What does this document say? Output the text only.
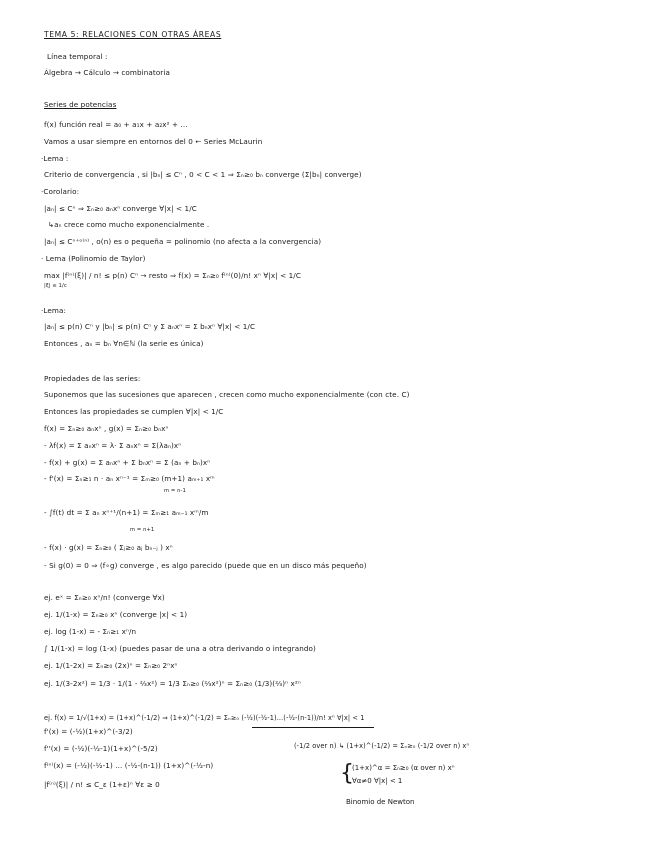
TEMA 5: RELACIONES CON OTRAS ÁREAS
Línea temporal :
Álgebra ⇝ Cálculo ⇝ combinatoria
Series de potencias
f(x) función real = a₀ + a₁x + a₂x² + ...
Vamos a usar siempre en entornos del 0 ← Series McLaurin
·Lema :
Criterio de convergencia , si |bₙ| ≤ Cⁿ , 0 < C < 1 ⇒ Σₙ≥₀ bₙ converge (Σ|bₙ| converge)
·Corolario:
|aₙ| ≤ Cⁿ ⇒ Σₙ≥₀ aₙxⁿ converge ∀|x| < 1/C
↳aₙ crece como mucho exponencialmente .
|aₙ| ≤ Cⁿ⁺ᵒ⁽ⁿ⁾ , o(n) es o pequeña = polinomio (no afecta a la convergencia)
· Lema (Polinomio de Taylor)
max |f⁽ⁿ⁾(ξ)| / n! ≤ p(n) Cⁿ → resto ⇒ f(x) = Σₙ≥₀ f⁽ⁿ⁾(0)/n! xⁿ ∀|x| < 1/C
|ξ| ≤ 1/c
·Lema:
|aₙ| ≤ p(n) Cⁿ y |bₙ| ≤ p(n) Cⁿ y Σ aₙxⁿ = Σ bₙxⁿ ∀|x| < 1/C
Entonces , aₙ = bₙ ∀n∈ℕ (la serie es única)
Propiedades de las series:
Suponemos que las sucesiones que aparecen , crecen como mucho exponencialmente (con cte. C)
Entonces las propiedades se cumplen ∀|x| < 1/C
f(x) = Σₙ≥₀ aₙxⁿ , g(x) = Σₙ≥₀ bₙxⁿ
- λf(x) = Σ aₙxⁿ = λ· Σ aₙxⁿ = Σ(λaₙ)xⁿ
- f(x) + g(x) = Σ aₙxⁿ + Σ bₙxⁿ = Σ (aₙ + bₙ)xⁿ
- f'(x) = Σₙ≥₁ n · aₙ xⁿ⁻¹ = Σₘ≥₀ (m+1) aₘ₊₁ xᵐ
m = n-1
- ∫f(t) dt = Σ aₙ xⁿ⁺¹/(n+1) = Σₘ≥₁ aₘ₋₁ xᵐ/m
m = n+1
- f(x) · g(x) = Σₙ≥₀ ( Σⱼ≥₀ aⱼ bₙ₋ⱼ ) xⁿ
- Si g(0) = 0 ⇒ (f∘g) converge , es algo parecido (puede que en un disco más pequeño)
ej. eˣ = Σₙ≥₀ xⁿ/n! (converge ∀x)
ej. 1/(1-x) = Σₙ≥₀ xⁿ (converge |x| < 1)
ej. log (1-x) = - Σₙ≥₁ xⁿ/n
∫ 1/(1-x) = log (1-x) (puedes pasar de una a otra derivando o integrando)
ej. 1/(1-2x) = Σₙ≥₀ (2x)ⁿ = Σₙ≥₀ 2ⁿxⁿ
ej. 1/(3-2x²) = 1/3 · 1/(1 - ⅔x²) = 1/3 Σₙ≥₀ (⅔x²)ⁿ = Σₙ≥₀ (1/3)(⅔)ⁿ x²ⁿ
ej. f(x) = 1/√(1+x) = (1+x)^(-1/2) ⇒ (1+x)^(-1/2) = Σₙ≥₀ (-½)(-½-1)...(-½-(n-1))/n! xⁿ ∀|x| < 1
(-1/2 over n) ↳ (1+x)^(-1/2) = Σₙ≥₀ (-1/2 over n) xⁿ
f'(x) = (-½)(1+x)^(-3/2)
f''(x) = (-½)(-½-1)(1+x)^(-5/2)
f⁽ⁿ⁾(x) = (-½)(-½-1) ... (-½-(n-1)) (1+x)^(-½-n)
|f⁽ⁿ⁾(ξ)| / n! ≤ C_ε (1+ε)ⁿ ∀ε ≥ 0	{
(1+x)^α = Σₙ≥₀ (α over n) xⁿ
∀α≠0 ∀|x| < 1
Binomio de Newton
